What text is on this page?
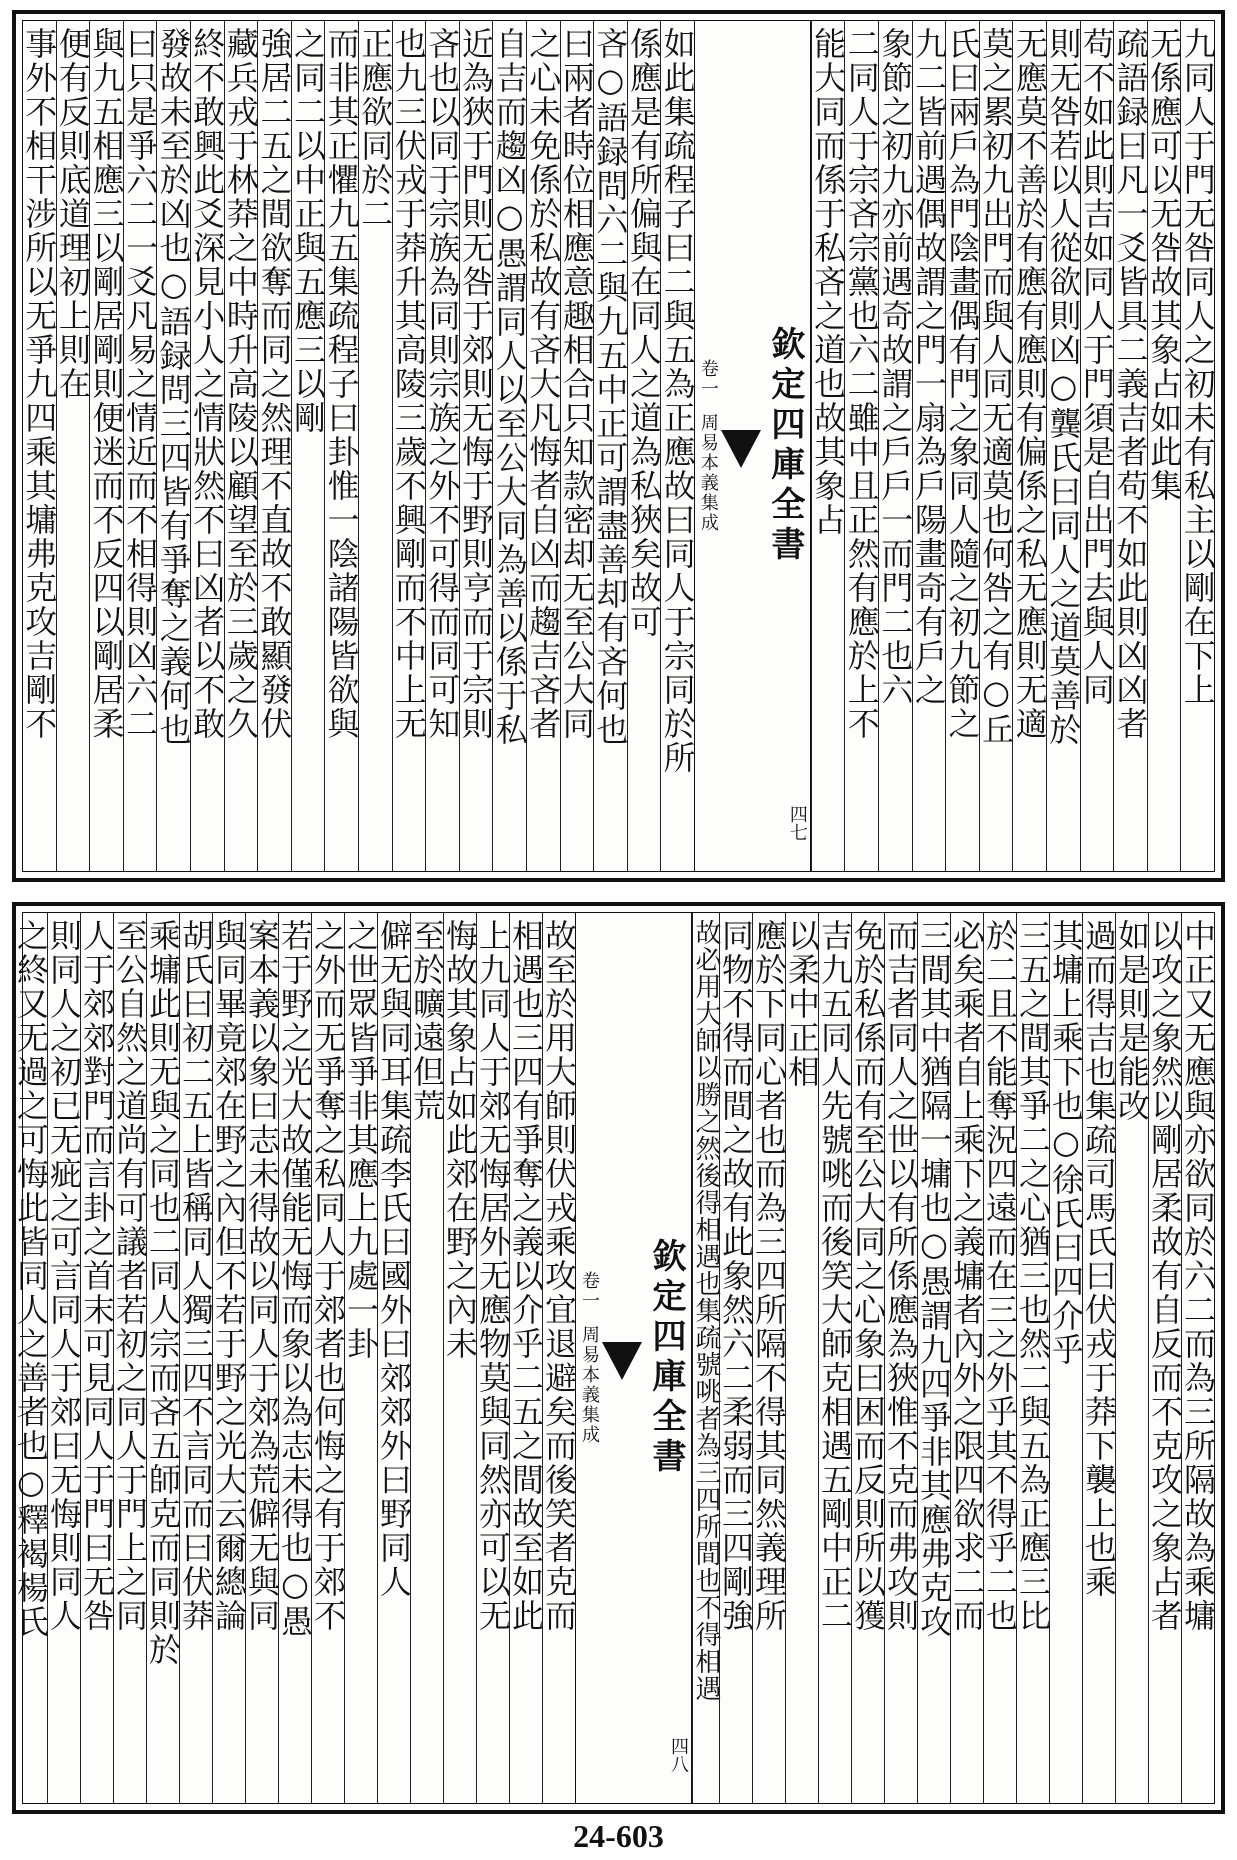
九同人于門无咎同人之初未有私主以剛在下上
无係應可以无咎故其象占如此集
疏語録曰凡一爻皆具二義吉者苟不如此則凶凶者
苟不如此則吉如同人于門須是自出門去與人同
則无咎若以人從欲則凶○龔氏曰同人之道莫善於
无應莫不善於有應有應則有偏係之私无應則无適
莫之累初九出門而與人同无適莫也何咎之有○丘
氏曰兩戶為門陰畫偶有門之象同人隨之初九節之
九二皆前遇偶故謂之門一扇為戶陽畫奇有戶之
象節之初九亦前遇奇故謂之戶戶一而門二也六
二同人于宗吝宗黨也六二雖中且正然有應於上不
能大同而係于私吝之道也故其象占
欽定四庫全書
卷一
周易本義集成
四七
如此集疏程子曰二與五為正應故曰同人于宗同於所
係應是有所偏與在同人之道為私狹矣故可
吝○語録問六二與九五中正可謂盡善却有吝何也
曰兩者時位相應意趣相合只知款密却无至公大同
之心未免係於私故有吝大凡悔者自凶而趨吉吝者
自吉而趨凶○愚謂同人以至公大同為善以係于私
近為狹于門則无咎于郊則无悔于野則亨而于宗則
吝也以同于宗族為同則宗族之外不可得而同可知
也九三伏戎于莽升其高陵三歲不興剛而不中上无
正應欲同於二
而非其正懼九五集疏程子曰卦惟一陰諸陽皆欲與
之同二以中正與五應三以剛
強居二五之間欲奪而同之然理不直故不敢顯發伏
藏兵戎于林莽之中時升高陵以顧望至於三歲之久
終不敢興此爻深見小人之情狀然不曰凶者以不敢
發故未至於凶也○語録問三四皆有爭奪之義何也
曰只是爭六二一爻凡易之情近而不相得則凶六二
與九五相應三以剛居剛則便迷而不反四以剛居柔
便有反則底道理初上則在
事外不相干涉所以无爭九四乘其墉弗克攻吉剛不
中正又无應與亦欲同於六二而為三所隔故為乘墉
以攻之象然以剛居柔故有自反而不克攻之象占者
如是則是能改
過而得吉也集疏司馬氏曰伏戎于莽下襲上也乘
其墉上乘下也○徐氏曰四介乎
三五之間其爭二之心猶三也然二與五為正應三比
於二且不能奪況四遠而在三之外乎其不得乎二也
必矣乘者自上乘下之義墉者內外之限四欲求二而
三間其中猶隔一墉也○愚謂九四爭非其應弗克攻
而吉者同人之世以有所係應為狹惟不克而弗攻則
免於私係而有至公大同之心象曰困而反則所以獲
吉九五同人先號咷而後笑大師克相遇五剛中正二
以柔中正相
應於下同心者也而為三四所隔不得其同然義理所
同物不得而間之故有此象然六二柔弱而三四剛強
故必用大師以勝之然後得相遇也集疏號咷者為三四所間也不得相遇
欽定四庫全書
卷一
周易本義集成
四八
故至於用大師則伏戎乘攻宜退避矣而後笑者克而
相遇也三四有爭奪之義以介乎二五之間故至如此
上九同人于郊无悔居外无應物莫與同然亦可以无
悔故其象占如此郊在野之內未
至於曠遠但荒
僻无與同耳集疏李氏曰國外曰郊郊外曰野同人
之世眾皆爭非其應上九處一卦
之外而无爭奪之私同人于郊者也何悔之有于郊不
若于野之光大故僅能无悔而象以為志未得也○愚
案本義以象曰志未得故以同人于郊為荒僻无與同
與同畢竟郊在野之內但不若于野之光大云爾總論
胡氏曰初二五上皆稱同人獨三四不言同而曰伏莽
乘墉此則无與之同也二同人宗而吝五師克而同則於
至公自然之道尚有可議者若初之同人于門上之同
人于郊郊對門而言卦之首末可見同人于門曰无咎
則同人之初已无疵之可言同人于郊曰无悔則同人
之終又无過之可悔此皆同人之善者也○釋褐楊氏
24-603
